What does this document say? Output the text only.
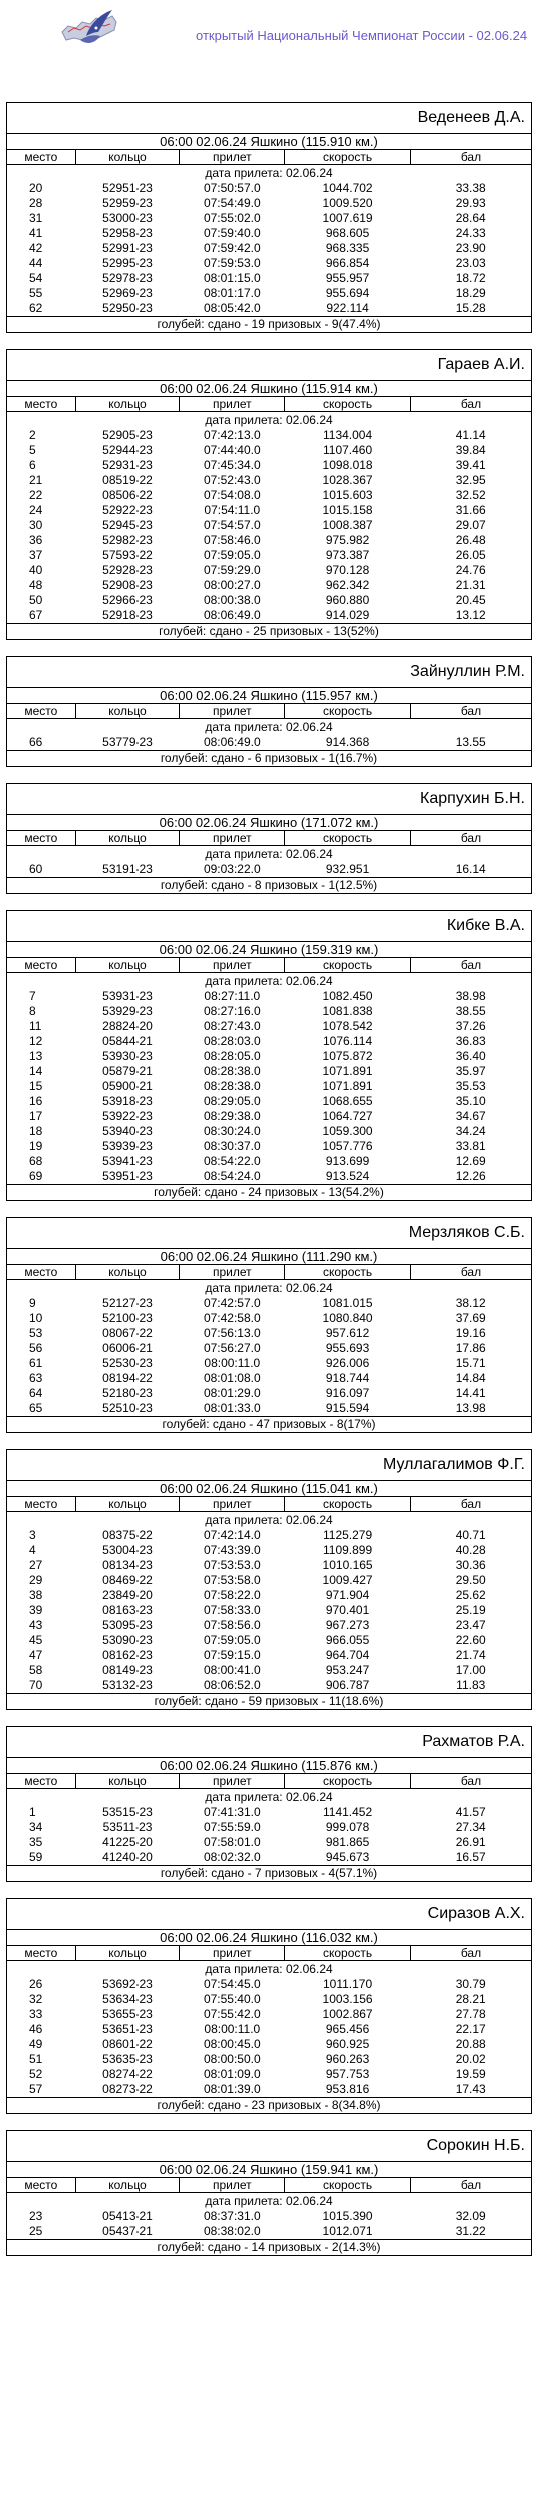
открытый Национальный Чемпионат России - 02.06.24
Веденеев Д.А.
06:00 02.06.24 Яшкино (115.910 км.)
место	кольцо	прилет	скорость	бал
дата прилета: 02.06.24				
20	52951-23	07:50:57.0	1044.702	33.38
28	52959-23	07:54:49.0	1009.520	29.93
31	53000-23	07:55:02.0	1007.619	28.64
41	52958-23	07:59:40.0	968.605	24.33
42	52991-23	07:59:42.0	968.335	23.90
44	52995-23	07:59:53.0	966.854	23.03
54	52978-23	08:01:15.0	955.957	18.72
55	52969-23	08:01:17.0	955.694	18.29
62	52950-23	08:05:42.0	922.114	15.28
голубей: сдано - 19 призовых - 9(47.4%)
Гараев А.И.
06:00 02.06.24 Яшкино (115.914 км.)
место	кольцо	прилет	скорость	бал
дата прилета: 02.06.24				
2	52905-23	07:42:13.0	1134.004	41.14
5	52944-23	07:44:40.0	1107.460	39.84
6	52931-23	07:45:34.0	1098.018	39.41
21	08519-22	07:52:43.0	1028.367	32.95
22	08506-22	07:54:08.0	1015.603	32.52
24	52922-23	07:54:11.0	1015.158	31.66
30	52945-23	07:54:57.0	1008.387	29.07
36	52982-23	07:58:46.0	975.982	26.48
37	57593-22	07:59:05.0	973.387	26.05
40	52928-23	07:59:29.0	970.128	24.76
48	52908-23	08:00:27.0	962.342	21.31
50	52966-23	08:00:38.0	960.880	20.45
67	52918-23	08:06:49.0	914.029	13.12
голубей: сдано - 25 призовых - 13(52%)
Зайнуллин Р.М.
06:00 02.06.24 Яшкино (115.957 км.)
место	кольцо	прилет	скорость	бал
дата прилета: 02.06.24				
66	53779-23	08:06:49.0	914.368	13.55
голубей: сдано - 6 призовых - 1(16.7%)
Карпухин Б.Н.
06:00 02.06.24 Яшкино (171.072 км.)
место	кольцо	прилет	скорость	бал
дата прилета: 02.06.24				
60	53191-23	09:03:22.0	932.951	16.14
голубей: сдано - 8 призовых - 1(12.5%)
Кибке В.А.
06:00 02.06.24 Яшкино (159.319 км.)
место	кольцо	прилет	скорость	бал
дата прилета: 02.06.24				
7	53931-23	08:27:11.0	1082.450	38.98
8	53929-23	08:27:16.0	1081.838	38.55
11	28824-20	08:27:43.0	1078.542	37.26
12	05844-21	08:28:03.0	1076.114	36.83
13	53930-23	08:28:05.0	1075.872	36.40
14	05879-21	08:28:38.0	1071.891	35.97
15	05900-21	08:28:38.0	1071.891	35.53
16	53918-23	08:29:05.0	1068.655	35.10
17	53922-23	08:29:38.0	1064.727	34.67
18	53940-23	08:30:24.0	1059.300	34.24
19	53939-23	08:30:37.0	1057.776	33.81
68	53941-23	08:54:22.0	913.699	12.69
69	53951-23	08:54:24.0	913.524	12.26
голубей: сдано - 24 призовых - 13(54.2%)
Мерзляков С.Б.
06:00 02.06.24 Яшкино (111.290 км.)
место	кольцо	прилет	скорость	бал
дата прилета: 02.06.24				
9	52127-23	07:42:57.0	1081.015	38.12
10	52100-23	07:42:58.0	1080.840	37.69
53	08067-22	07:56:13.0	957.612	19.16
56	06006-21	07:56:27.0	955.693	17.86
61	52530-23	08:00:11.0	926.006	15.71
63	08194-22	08:01:08.0	918.744	14.84
64	52180-23	08:01:29.0	916.097	14.41
65	52510-23	08:01:33.0	915.594	13.98
голубей: сдано - 47 призовых - 8(17%)
Муллагалимов Ф.Г.
06:00 02.06.24 Яшкино (115.041 км.)
место	кольцо	прилет	скорость	бал
дата прилета: 02.06.24				
3	08375-22	07:42:14.0	1125.279	40.71
4	53004-23	07:43:39.0	1109.899	40.28
27	08134-23	07:53:53.0	1010.165	30.36
29	08469-22	07:53:58.0	1009.427	29.50
38	23849-20	07:58:22.0	971.904	25.62
39	08163-23	07:58:33.0	970.401	25.19
43	53095-23	07:58:56.0	967.273	23.47
45	53090-23	07:59:05.0	966.055	22.60
47	08162-23	07:59:15.0	964.704	21.74
58	08149-23	08:00:41.0	953.247	17.00
70	53132-23	08:06:52.0	906.787	11.83
голубей: сдано - 59 призовых - 11(18.6%)
Рахматов Р.А.
06:00 02.06.24 Яшкино (115.876 км.)
место	кольцо	прилет	скорость	бал
дата прилета: 02.06.24				
1	53515-23	07:41:31.0	1141.452	41.57
34	53511-23	07:55:59.0	999.078	27.34
35	41225-20	07:58:01.0	981.865	26.91
59	41240-20	08:02:32.0	945.673	16.57
голубей: сдано - 7 призовых - 4(57.1%)
Сиразов А.Х.
06:00 02.06.24 Яшкино (116.032 км.)
место	кольцо	прилет	скорость	бал
дата прилета: 02.06.24				
26	53692-23	07:54:45.0	1011.170	30.79
32	53634-23	07:55:40.0	1003.156	28.21
33	53655-23	07:55:42.0	1002.867	27.78
46	53651-23	08:00:11.0	965.456	22.17
49	08601-22	08:00:45.0	960.925	20.88
51	53635-23	08:00:50.0	960.263	20.02
52	08274-22	08:01:09.0	957.753	19.59
57	08273-22	08:01:39.0	953.816	17.43
голубей: сдано - 23 призовых - 8(34.8%)
Сорокин Н.Б.
06:00 02.06.24 Яшкино (159.941 км.)
место	кольцо	прилет	скорость	бал
дата прилета: 02.06.24				
23	05413-21	08:37:31.0	1015.390	32.09
25	05437-21	08:38:02.0	1012.071	31.22
голубей: сдано - 14 призовых - 2(14.3%)
